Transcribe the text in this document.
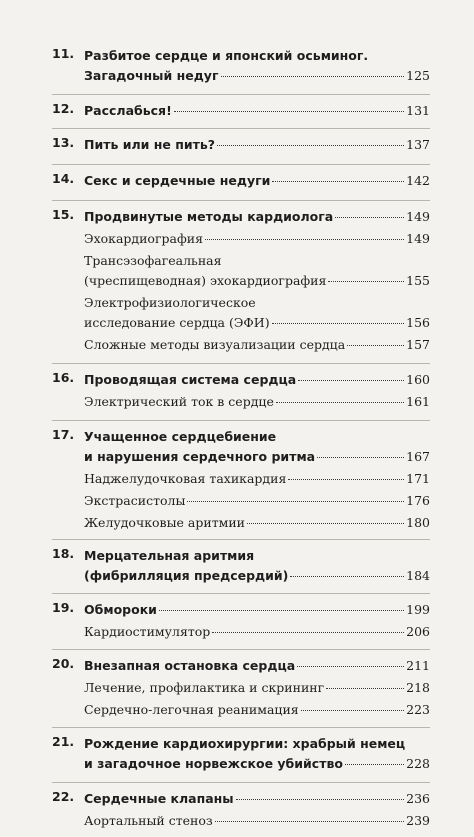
11. Разбитое сердце и японский осьминог.
Загадочный недуг	125
12. Расслабься!	131
13. Пить или не пить?	137
14. Секс и сердечные недуги	142
15. Продвинутые методы кардиолога	149
Эхокардиография	149
Трансэзофагеальная
(чреспищеводная) эхокардиография	155
Электрофизиологическое
исследование сердца (ЭФИ)	156
Сложные методы визуализации сердца	157
16. Проводящая система сердца	160
Электрический ток в сердце	161
17. Учащенное сердцебиение
и нарушения сердечного ритма	167
Наджелудочковая тахикардия	171
Экстрасистолы	176
Желудочковые аритмии	180
18. Мерцательная аритмия
(фибрилляция предсердий)	184
19. Обмороки	199
Кардиостимулятор	206
20. Внезапная остановка сердца	211
Лечение, профилактика и скрининг	218
Сердечно-легочная реанимация	223
21. Рождение кардиохирургии: храбрый немец
и загадочное норвежское убийство	228
22. Сердечные клапаны	236
Аортальный стеноз	239
